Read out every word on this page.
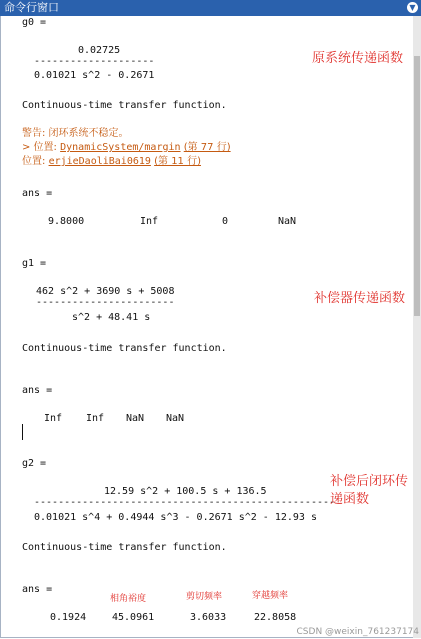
命令行窗口	▼
g0 =
0.02725
--------------------
0.01021 s^2 - 0.2671
Continuous-time transfer function.
警告: 闭环系统不稳定。
> 位置: DynamicSystem/margin (第 77 行)
位置: erjieDaoliBai0619 (第 11 行)
ans =
9.8000	Inf	0	NaN
g1 =
462 s^2 + 3690 s + 5008
-----------------------
s^2 + 48.41 s
Continuous-time transfer function.
ans =
Inf Inf NaN NaN
g2 =
12.59 s^2 + 100.5 s + 136.5
--------------------------------------------------
0.01021 s^4 + 0.4944 s^3 - 0.2671 s^2 - 12.93 s
Continuous-time transfer function.
ans =
0.1924	45.0961	3.6033	22.8058
原系统传递函数
补偿器传递函数
补偿后闭环传
递函数
相角裕度	剪切频率	穿越频率
CSDN @weixin_761237174
